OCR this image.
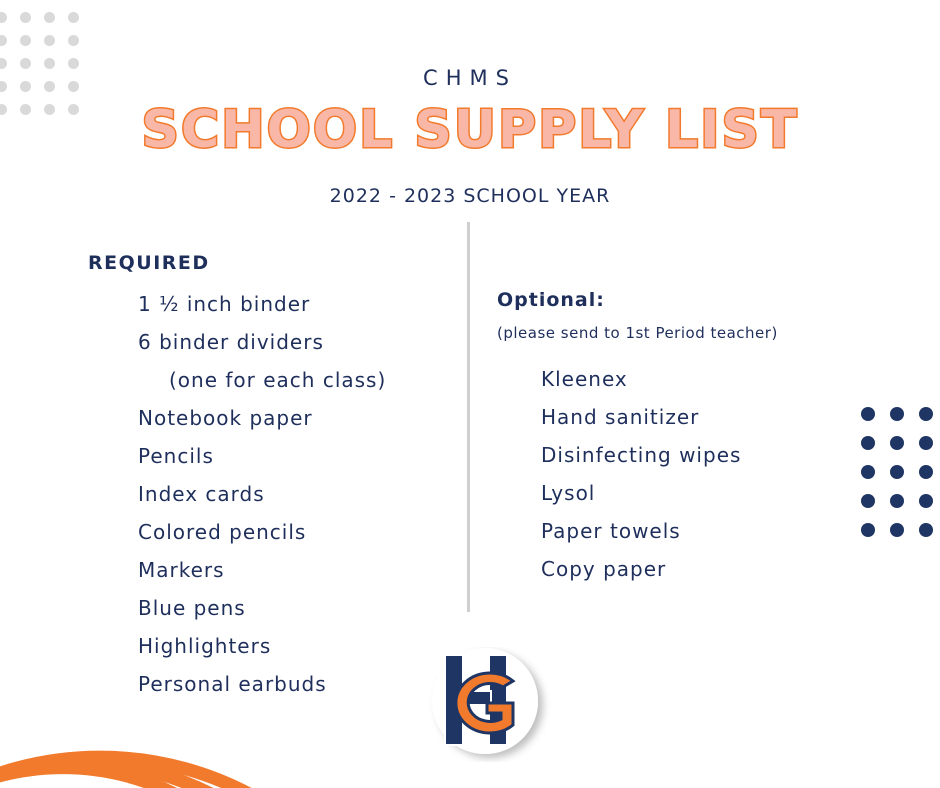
CHMS
SCHOOL SUPPLY LIST
2022 - 2023 SCHOOL YEAR
REQUIRED
1 ½ inch binder
6 binder dividers
(one for each class)
Notebook paper
Pencils
Index cards
Colored pencils
Markers
Blue pens
Highlighters
Personal earbuds
Optional:
(please send to 1st Period teacher)
Kleenex
Hand sanitizer
Disinfecting wipes
Lysol
Paper towels
Copy paper
